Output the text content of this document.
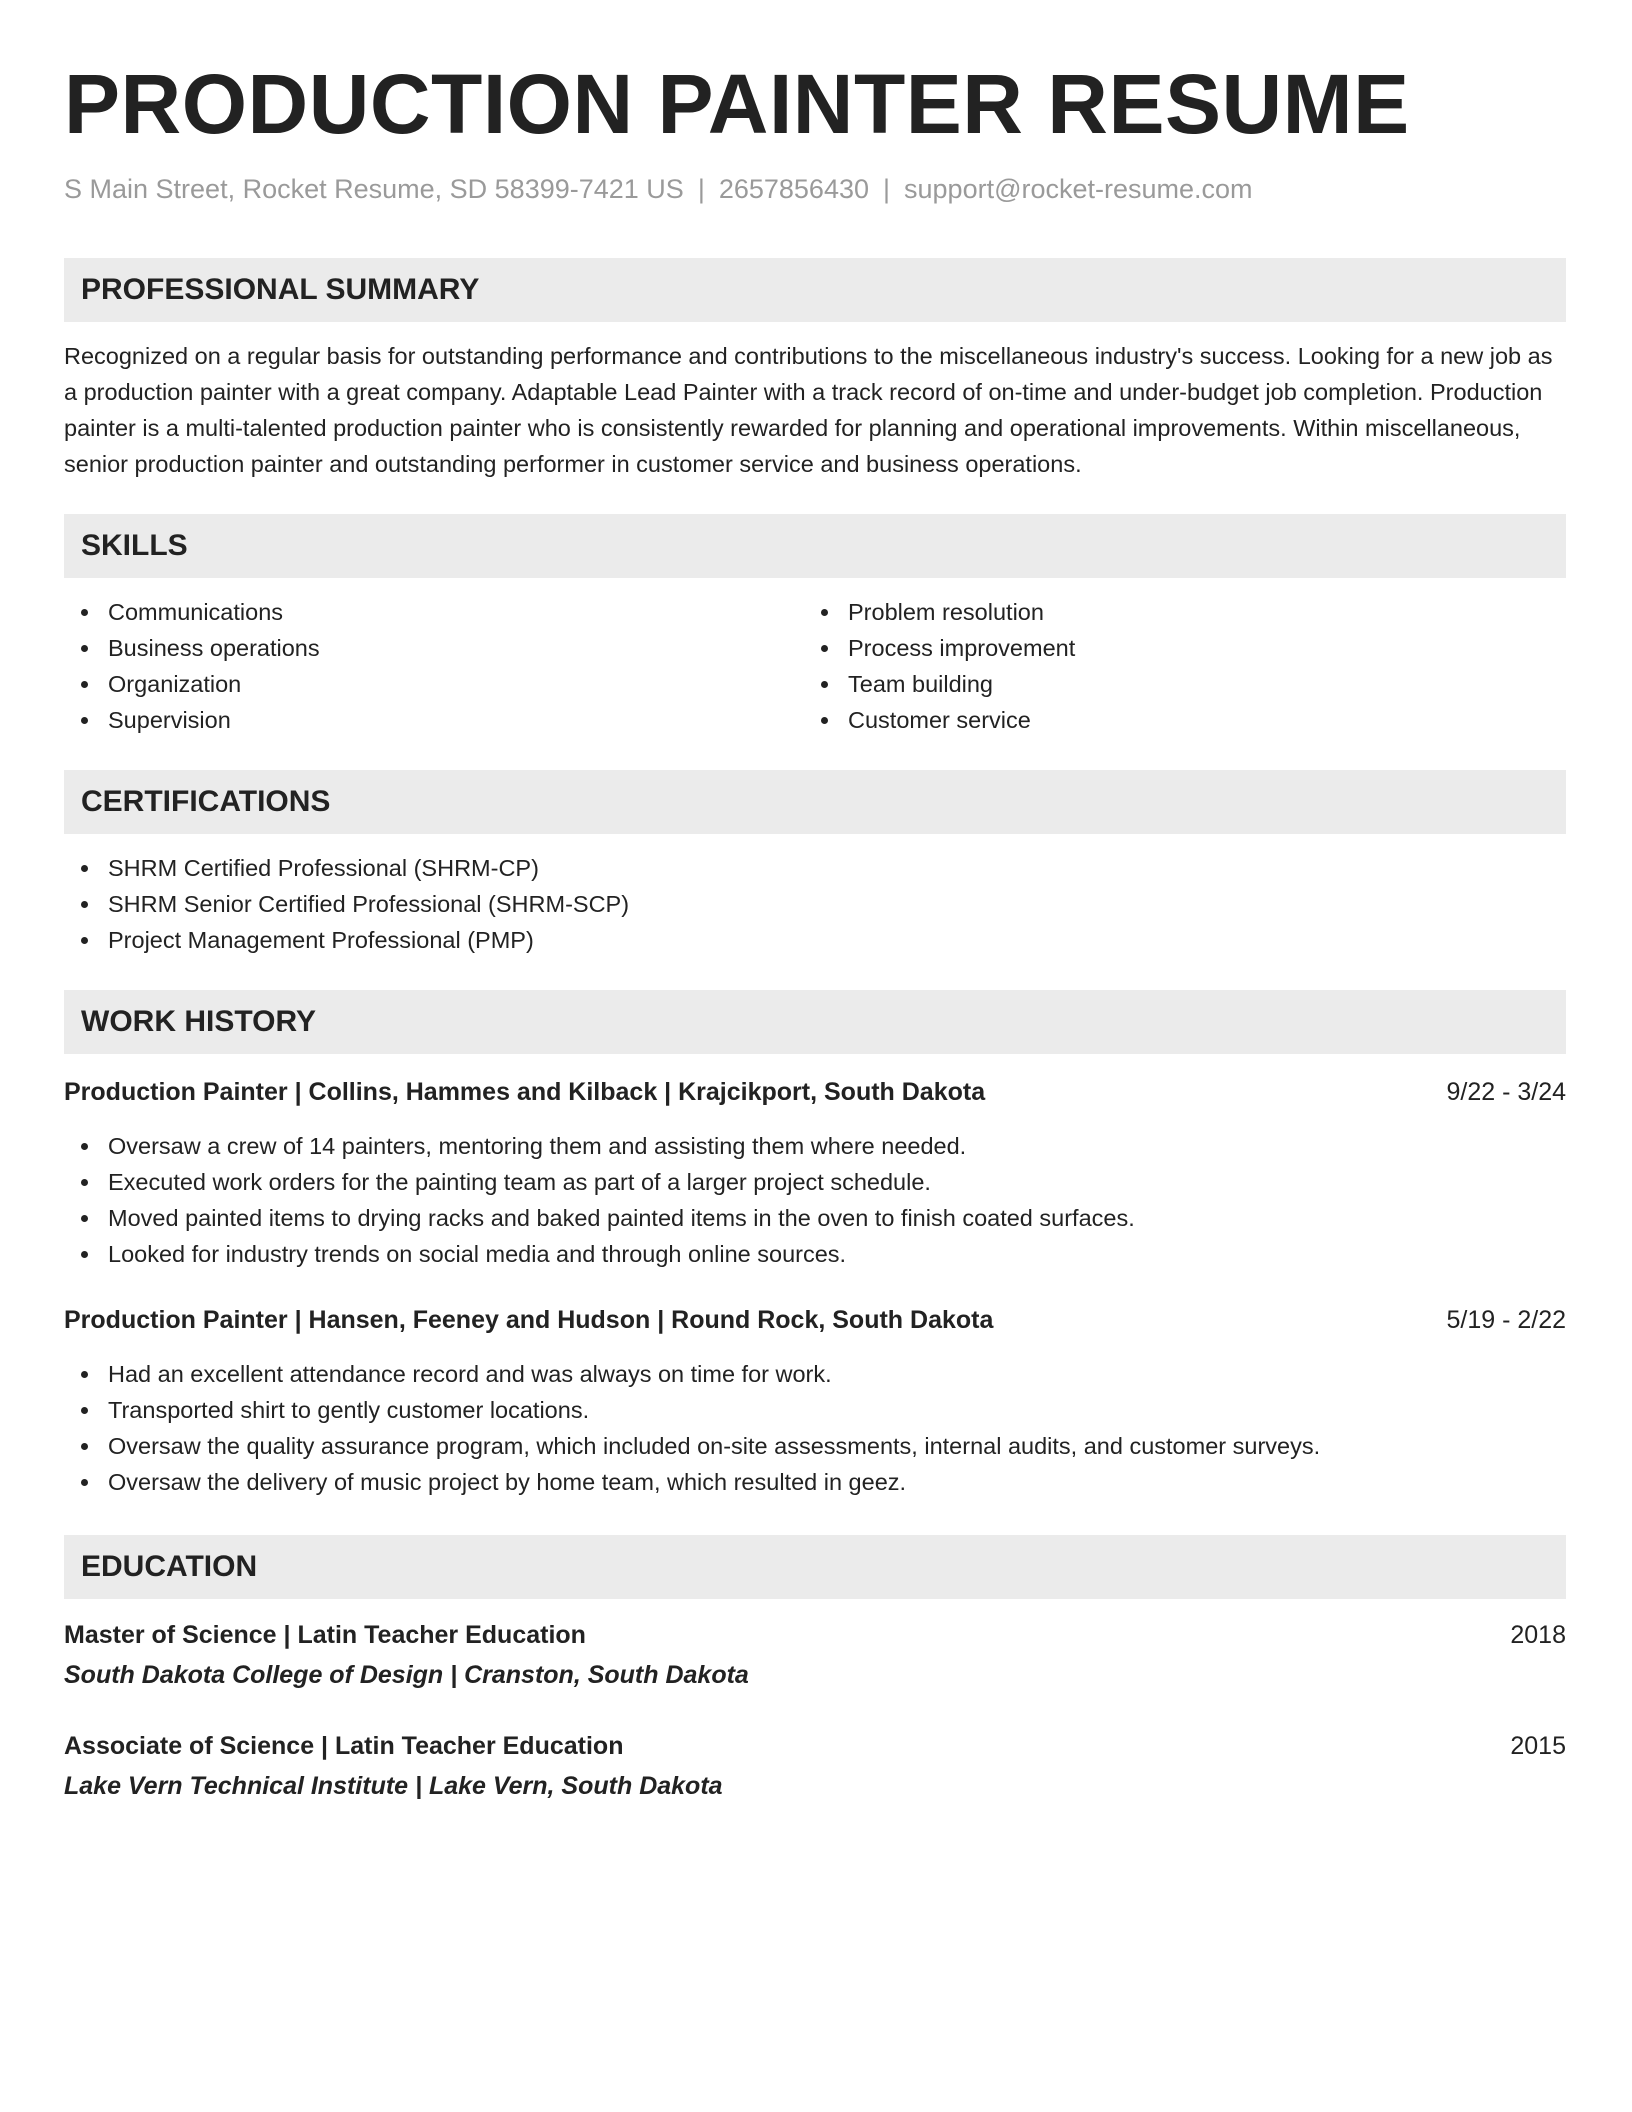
PRODUCTION PAINTER RESUME
S Main Street, Rocket Resume, SD 58399-7421 US | 2657856430 | support@rocket-resume.com
PROFESSIONAL SUMMARY
Recognized on a regular basis for outstanding performance and contributions to the miscellaneous industry's success. Looking for a new job as a production painter with a great company. Adaptable Lead Painter with a track record of on-time and under-budget job completion. Production painter is a multi-talented production painter who is consistently rewarded for planning and operational improvements. Within miscellaneous, senior production painter and outstanding performer in customer service and business operations.
SKILLS
Communications
Business operations
Organization
Supervision
Problem resolution
Process improvement
Team building
Customer service
CERTIFICATIONS
SHRM Certified Professional (SHRM-CP)
SHRM Senior Certified Professional (SHRM-SCP)
Project Management Professional (PMP)
WORK HISTORY
Production Painter | Collins, Hammes and Kilback | Krajcikport, South Dakota	9/22 - 3/24
Oversaw a crew of 14 painters, mentoring them and assisting them where needed.
Executed work orders for the painting team as part of a larger project schedule.
Moved painted items to drying racks and baked painted items in the oven to finish coated surfaces.
Looked for industry trends on social media and through online sources.
Production Painter | Hansen, Feeney and Hudson | Round Rock, South Dakota	5/19 - 2/22
Had an excellent attendance record and was always on time for work.
Transported shirt to gently customer locations.
Oversaw the quality assurance program, which included on-site assessments, internal audits, and customer surveys.
Oversaw the delivery of music project by home team, which resulted in geez.
EDUCATION
Master of Science | Latin Teacher Education	2018
South Dakota College of Design | Cranston, South Dakota
Associate of Science | Latin Teacher Education	2015
Lake Vern Technical Institute | Lake Vern, South Dakota
